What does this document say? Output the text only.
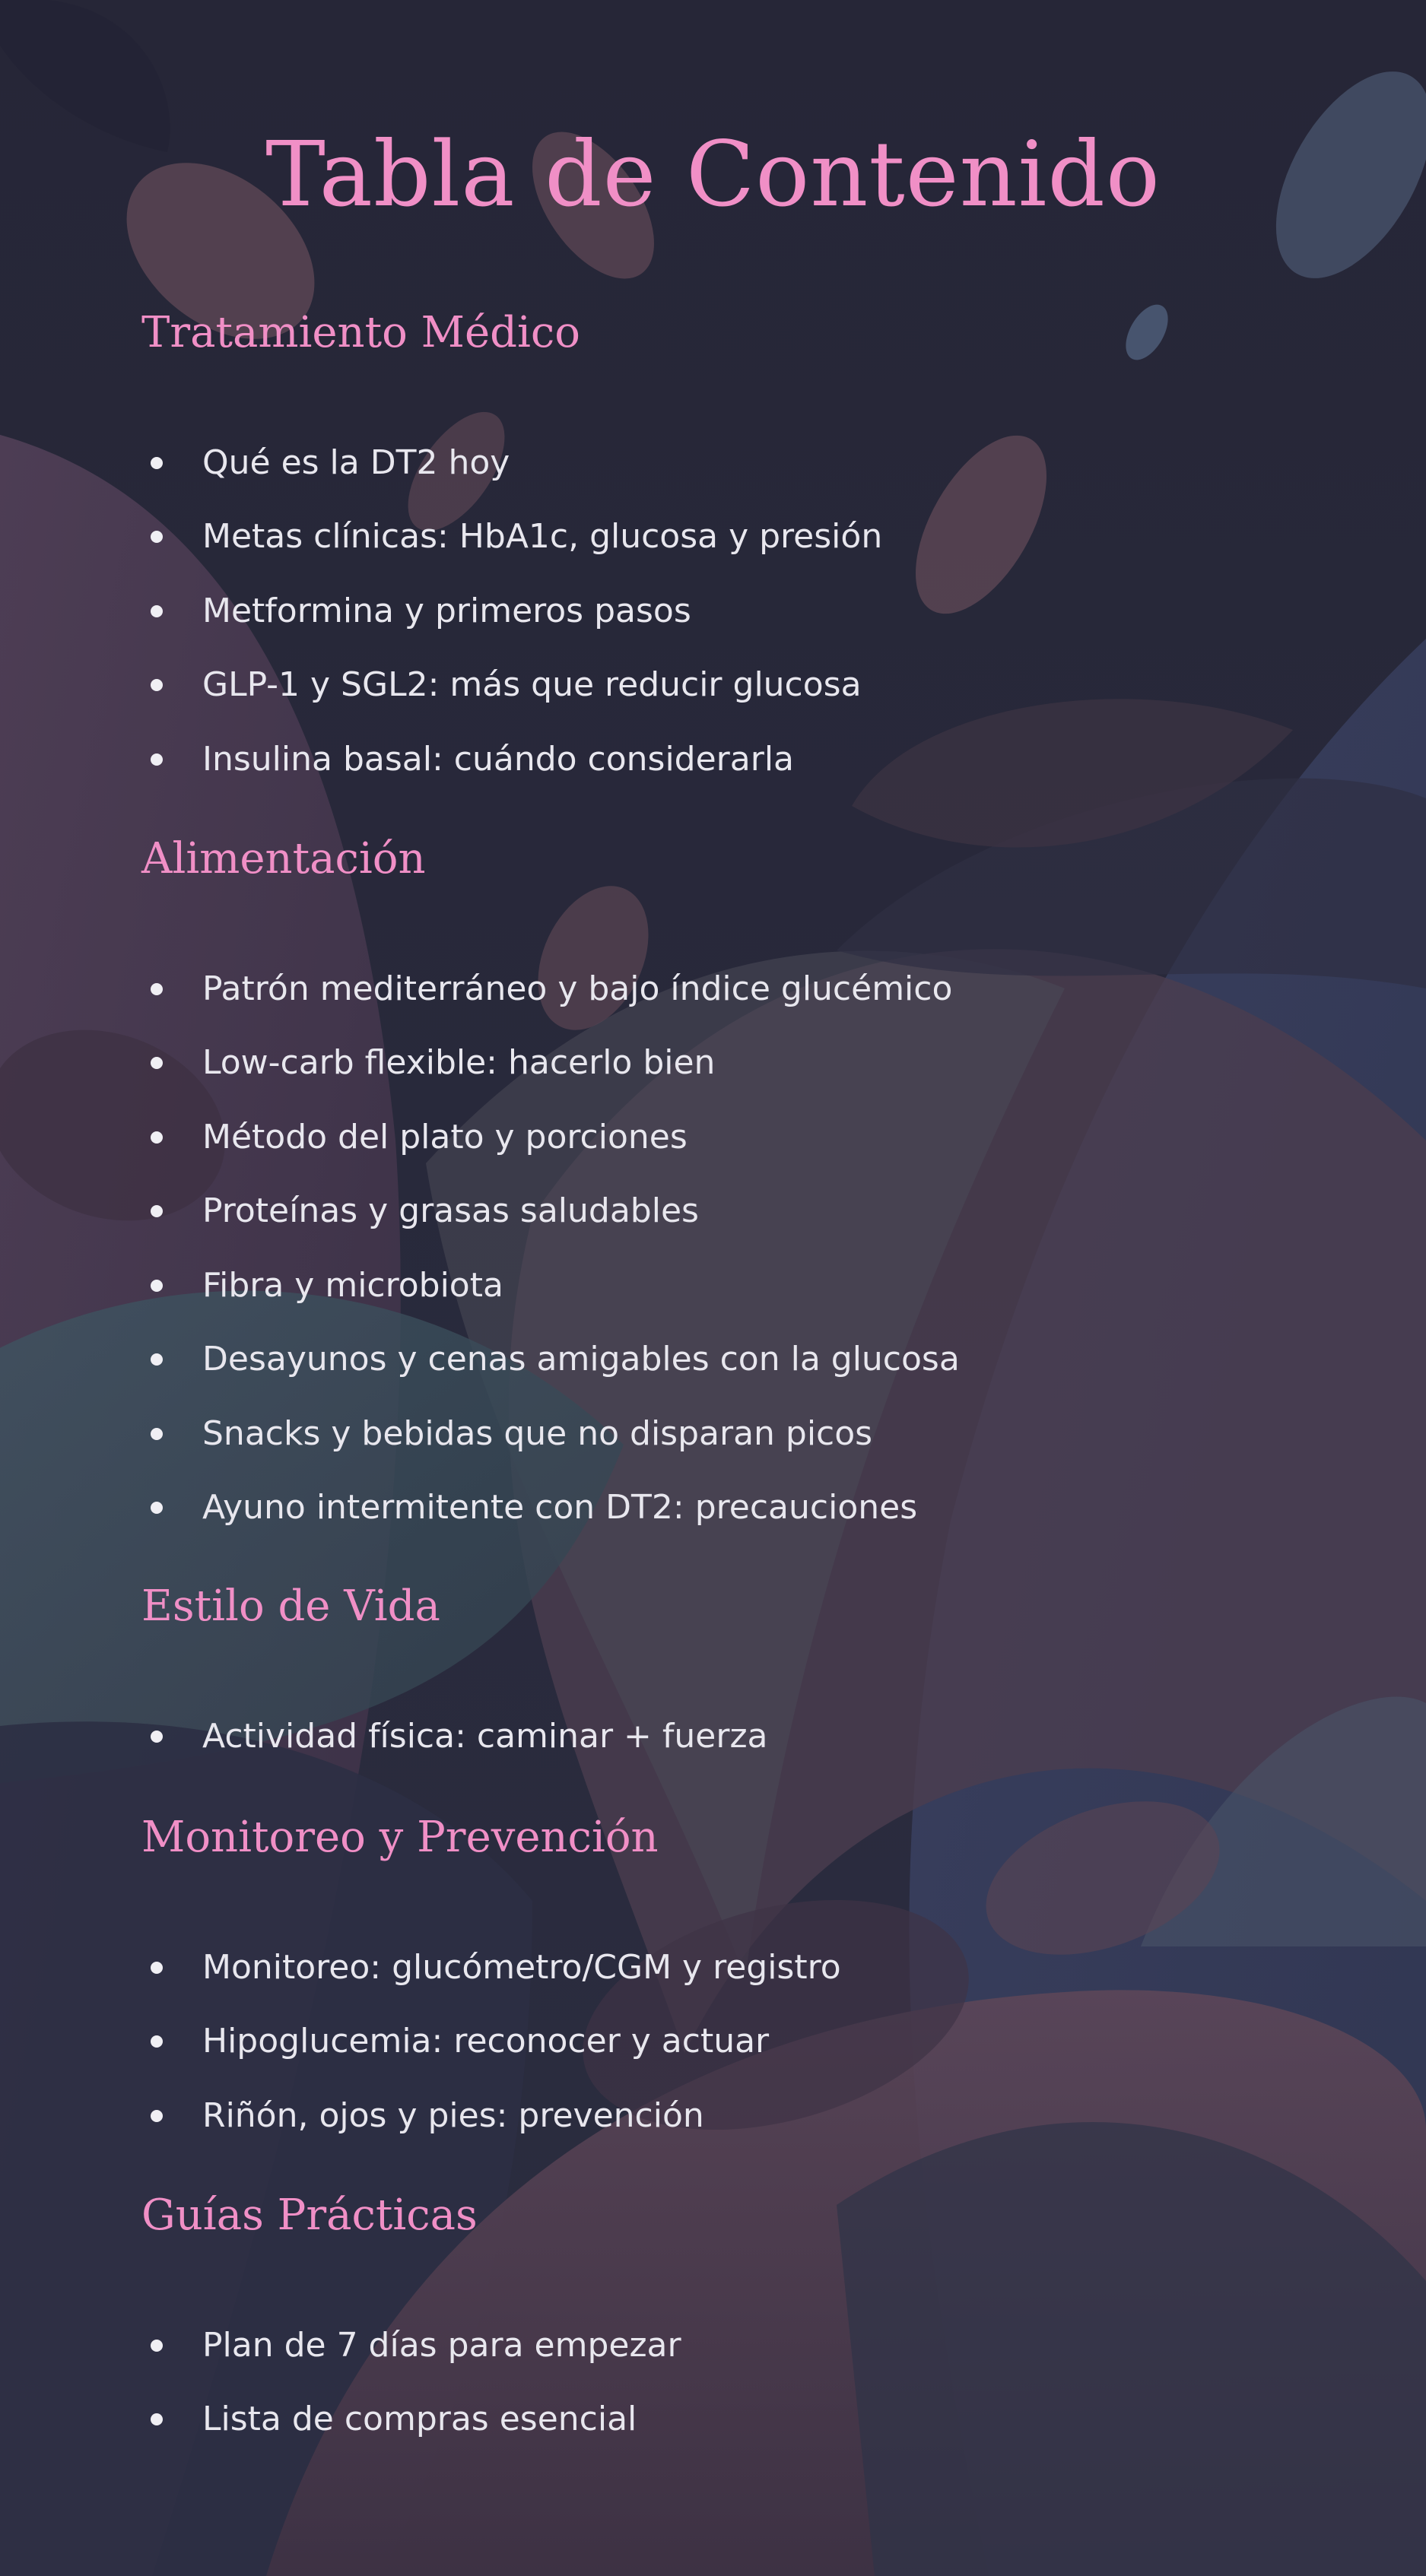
Tabla de Contenido
Tratamiento Médico
Qué es la DT2 hoy
Metas clínicas: HbA1c, glucosa y presión
Metformina y primeros pasos
GLP-1 y SGL2: más que reducir glucosa
Insulina basal: cuándo considerarla
Alimentación
Patrón mediterráneo y bajo índice glucémico
Low-carb flexible: hacerlo bien
Método del plato y porciones
Proteínas y grasas saludables
Fibra y microbiota
Desayunos y cenas amigables con la glucosa
Snacks y bebidas que no disparan picos
Ayuno intermitente con DT2: precauciones
Estilo de Vida
Actividad física: caminar + fuerza
Monitoreo y Prevención
Monitoreo: glucómetro/CGM y registro
Hipoglucemia: reconocer y actuar
Riñón, ojos y pies: prevención
Guías Prácticas
Plan de 7 días para empezar
Lista de compras esencial
